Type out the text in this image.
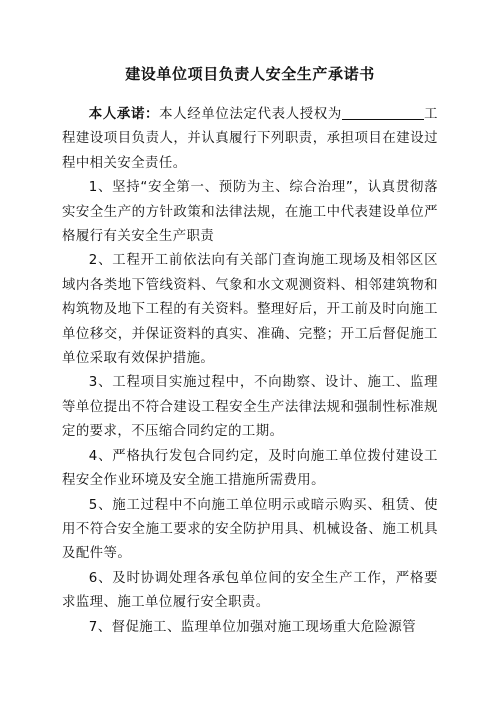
建设单位项目负责人安全生产承诺书

本人承诺：本人经单位法定代表人授权为	工程建设项目负责人，并认真履行下列职责，承担项目在建设过程中相关安全责任。

1、坚持“安全第一、预防为主、综合治理”，认真贯彻落实安全生产的方针政策和法律法规，在施工中代表建设单位严格履行有关安全生产职责

2、工程开工前依法向有关部门查询施工现场及相邻区区域内各类地下管线资料、气象和水文观测资料、相邻建筑物和构筑物及地下工程的有关资料。整理好后，开工前及时向施工单位移交，并保证资料的真实、准确、完整；开工后督促施工单位采取有效保护措施。

3、工程项目实施过程中，不向勘察、设计、施工、监理等单位提出不符合建设工程安全生产法律法规和强制性标准规定的要求，不压缩合同约定的工期。

4、严格执行发包合同约定，及时向施工单位拨付建设工程安全作业环境及安全施工措施所需费用。

5、施工过程中不向施工单位明示或暗示购买、租赁、使用不符合安全施工要求的安全防护用具、机械设备、施工机具及配件等。

6、及时协调处理各承包单位间的安全生产工作，严格要求监理、施工单位履行安全职责。

7、督促施工、监理单位加强对施工现场重大危险源管
